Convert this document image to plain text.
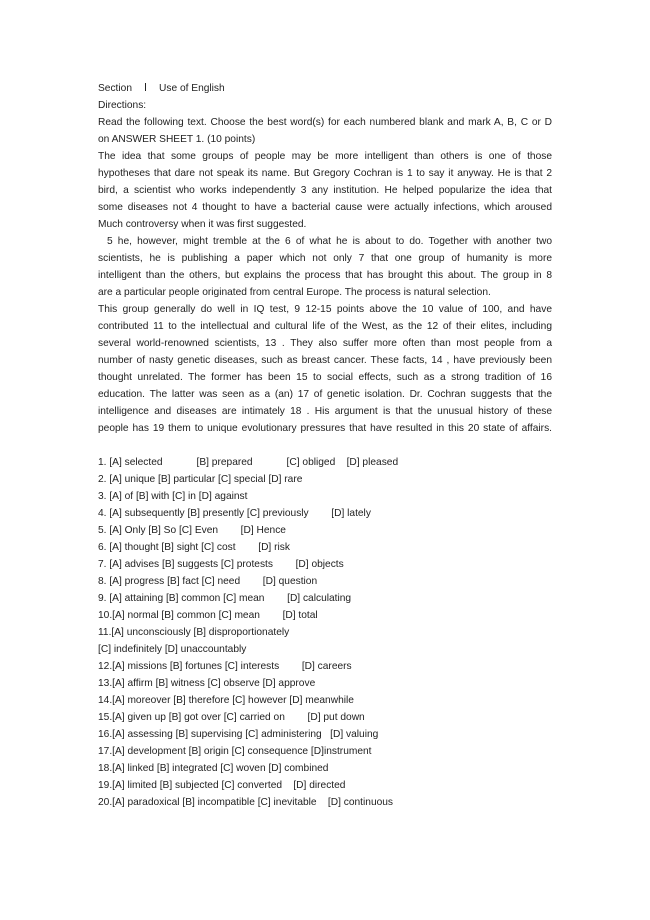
Section Ⅰ Use of English
Directions:
Read the following text. Choose the best word(s) for each numbered blank and mark A, B, C or D
on ANSWER SHEET 1. (10 points)
The idea that some groups of people may be more intelligent than others is one of those
hypotheses that dare not speak its name. But Gregory Cochran is 1 to say it anyway. He is that 2
bird, a scientist who works independently 3 any institution. He helped popularize the idea that
some diseases not 4 thought to have a bacterial cause were actually infections, which aroused
Much controversy when it was first suggested.
5 he, however, might tremble at the 6 of what he is about to do. Together with another two
scientists, he is publishing a paper which not only 7 that one group of humanity is more
intelligent than the others, but explains the process that has brought this about. The group in 8
are a particular people originated from central Europe. The process is natural selection.
This group generally do well in IQ test, 9 12-15 points above the 10 value of 100, and have
contributed 11 to the intellectual and cultural life of the West, as the 12 of their elites, including
several world-renowned scientists, 13 . They also suffer more often than most people from a
number of nasty genetic diseases, such as breast cancer. These facts, 14 , have previously been
thought unrelated. The former has been 15 to social effects, such as a strong tradition of 16
education. The latter was seen as a (an) 17 of genetic isolation. Dr. Cochran suggests that the
intelligence and diseases are intimately 18 . His argument is that the unusual history of these
people has 19 them to unique evolutionary pressures that have resulted in this 20 state of affairs.
1. [A] selected            [B] prepared            [C] obliged    [D] pleased
2. [A] unique [B] particular [C] special [D] rare
3. [A] of [B] with [C] in [D] against
4. [A] subsequently [B] presently [C] previously        [D] lately
5. [A] Only [B] So [C] Even        [D] Hence
6. [A] thought [B] sight [C] cost        [D] risk
7. [A] advises [B] suggests [C] protests        [D] objects
8. [A] progress [B] fact [C] need        [D] question
9. [A] attaining [B] common [C] mean        [D] calculating
10.[A] normal [B] common [C] mean        [D] total
11.[A] unconsciously [B] disproportionately
[C] indefinitely [D] unaccountably
12.[A] missions [B] fortunes [C] interests        [D] careers
13.[A] affirm [B] witness [C] observe [D] approve
14.[A] moreover [B] therefore [C] however [D] meanwhile
15.[A] given up [B] got over [C] carried on        [D] put down
16.[A] assessing [B] supervising [C] administering   [D] valuing
17.[A] development [B] origin [C] consequence [D]instrument
18.[A] linked [B] integrated [C] woven [D] combined
19.[A] limited [B] subjected [C] converted    [D] directed
20.[A] paradoxical [B] incompatible [C] inevitable    [D] continuous
